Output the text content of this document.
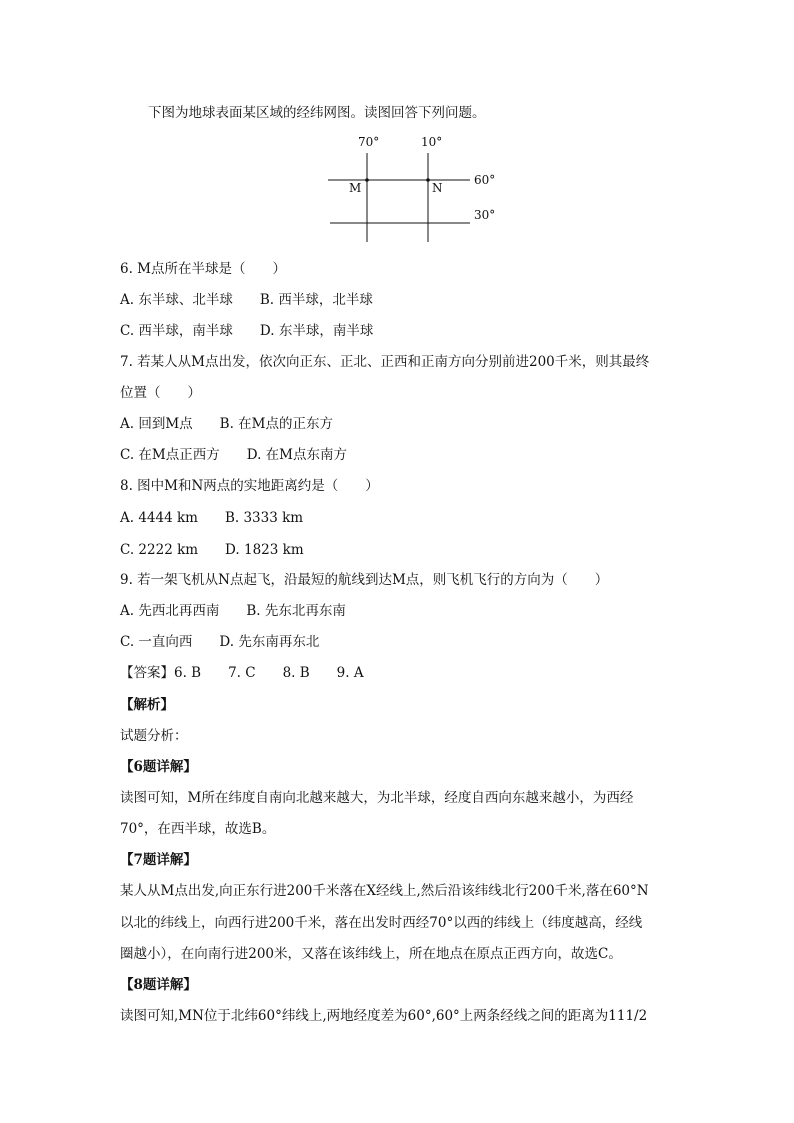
下图为地球表面某区域的经纬网图。读图回答下列问题。
70°	10°
60°
30°
M	N
6. M点所在半球是（　　）
A. 东半球、北半球　　B. 西半球，北半球
C. 西半球，南半球　　D. 东半球，南半球
7. 若某人从M点出发，依次向正东、正北、正西和正南方向分别前进200千米，则其最终
位置（　　）
A. 回到M点　　B. 在M点的正东方
C. 在M点正西方　　D. 在M点东南方
8. 图中M和N两点的实地距离约是（　　）
A. 4444 km　　B. 3333 km
C. 2222 km　　D. 1823 km
9. 若一架飞机从N点起飞，沿最短的航线到达M点，则飞机飞行的方向为（　　）
A. 先西北再西南　　B. 先东北再东南
C. 一直向西　　D. 先东南再东北
【答案】6. B　　7. C　　8. B　　9. A
【解析】
试题分析：
【6题详解】
读图可知，M所在纬度自南向北越来越大，为北半球，经度自西向东越来越小，为西经
70°，在西半球，故选B。
【7题详解】
某人从M点出发,向正东行进200千米落在X经线上,然后沿该纬线北行200千米,落在60°N
以北的纬线上，向西行进200千米，落在出发时西经70°以西的纬线上（纬度越高，经线
圈越小），在向南行进200米，又落在该纬线上，所在地点在原点正西方向，故选C。
【8题详解】
读图可知,MN位于北纬60°纬线上,两地经度差为60°,60°上两条经线之间的距离为111/2
